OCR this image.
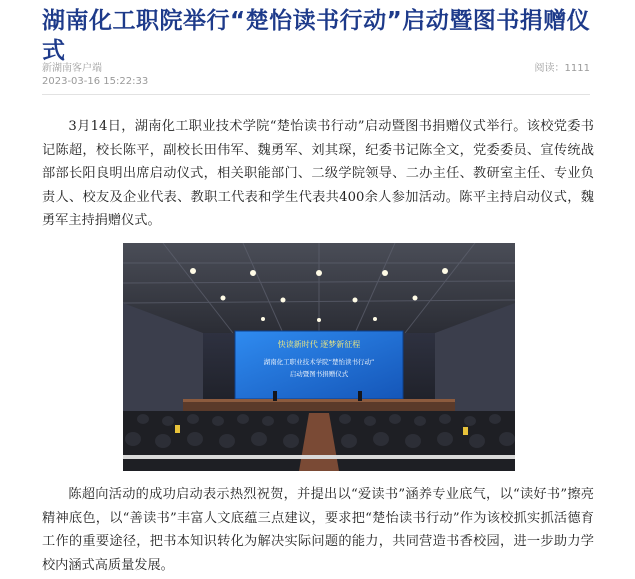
湖南化工职院举行“楚怡读书行动”启动暨图书捐赠仪式
新湖南客户端
2023-03-16 15:22:33
阅读：1111
3月14日，湖南化工职业技术学院“楚怡读书行动”启动暨图书捐赠仪式举行。该校党委书记陈超，校长陈平，副校长田伟军、魏勇军、刘其琛，纪委书记陈全文，党委委员、宣传统战部部长阳良明出席启动仪式，相关职能部门、二级学院领导、二办主任、教研室主任、专业负责人、校友及企业代表、教职工代表和学生代表共400余人参加活动。陈平主持启动仪式，魏勇军主持捐赠仪式。
快读新时代 逐梦新征程
湖南化工职业技术学院“楚怡读书行动”
启动暨图书捐赠仪式
陈超向活动的成功启动表示热烈祝贺，并提出以“爱读书”涵养专业底气，以“读好书”擦亮精神底色，以“善读书”丰富人文底蕴三点建议，要求把“楚怡读书行动”作为该校抓实抓活德育工作的重要途径，把书本知识转化为解决实际问题的能力，共同营造书香校园，进一步助力学校内涵式高质量发展。
